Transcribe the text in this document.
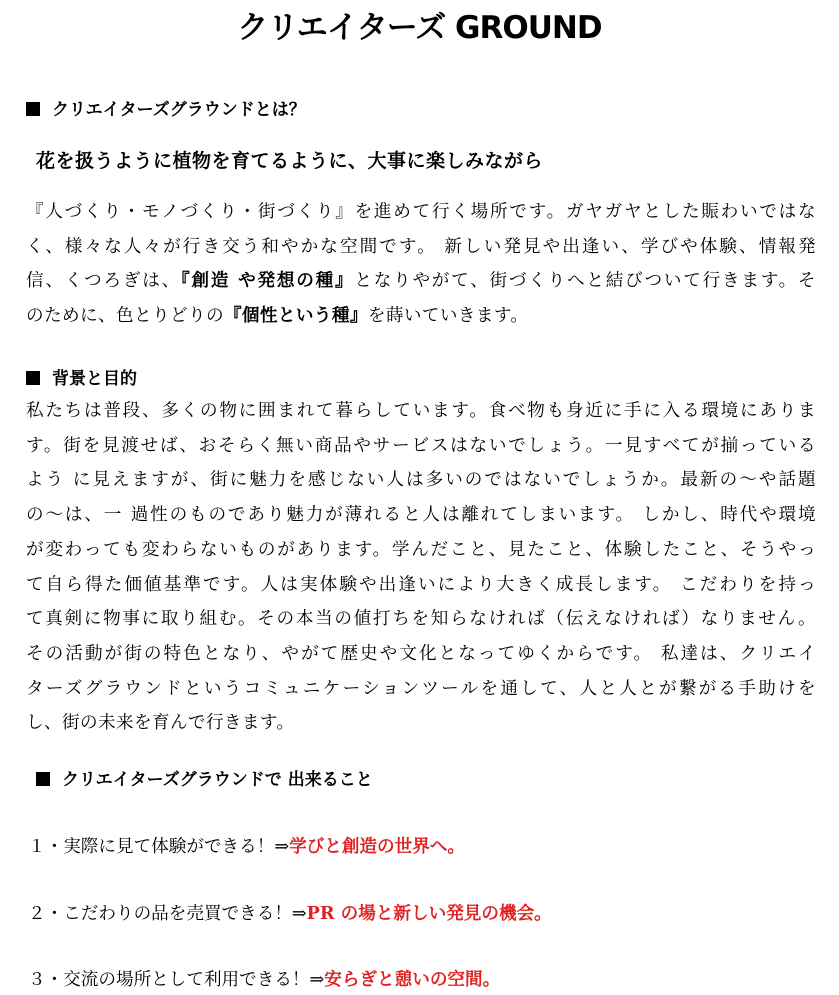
クリエイターズ GROUND
クリエイターズグラウンドとは？
花を扱うように植物を育てるように、大事に楽しみながら
『人づくり・モノづくり・街づくり』を進めて行く場所です。ガヤガヤとした賑わいではな
く、様々な人々が行き交う和やかな空間です。 新しい発見や出逢い、学びや体験、情報発
信、くつろぎは、『創造 や発想の種』となりやがて、街づくりへと結びついて行きます。そ
のために、色とりどりの『個性という種』を蒔いていきます。
背景と目的
私たちは普段、多くの物に囲まれて暮らしています。食べ物も身近に手に入る環境にありま
す。街を見渡せば、おそらく無い商品やサービスはないでしょう。一見すべてが揃っている
よう に見えますが、街に魅力を感じない人は多いのではないでしょうか。最新の〜や話題
の〜は、一 過性のものであり魅力が薄れると人は離れてしまいます。 しかし、時代や環境
が変わっても変わらないものがあります。学んだこと、見たこと、体験したこと、そうやっ
て自ら得た価値基準です。人は実体験や出逢いにより大きく成長します。 こだわりを持っ
て真剣に物事に取り組む。その本当の値打ちを知らなければ（伝えなければ）なりません。
その活動が街の特色となり、やがて歴史や文化となってゆくからです。 私達は、クリエイ
ターズグラウンドというコミュニケーションツールを通して、人と人とが繋がる手助けを
し、街の未来を育んで行きます。
クリエイターズグラウンドで 出来ること
１・実際に見て体験ができる！⇒学びと創造の世界へ。
２・こだわりの品を売買できる！⇒PR の場と新しい発見の機会。
３・交流の場所として利用できる！⇒安らぎと憩いの空間。
